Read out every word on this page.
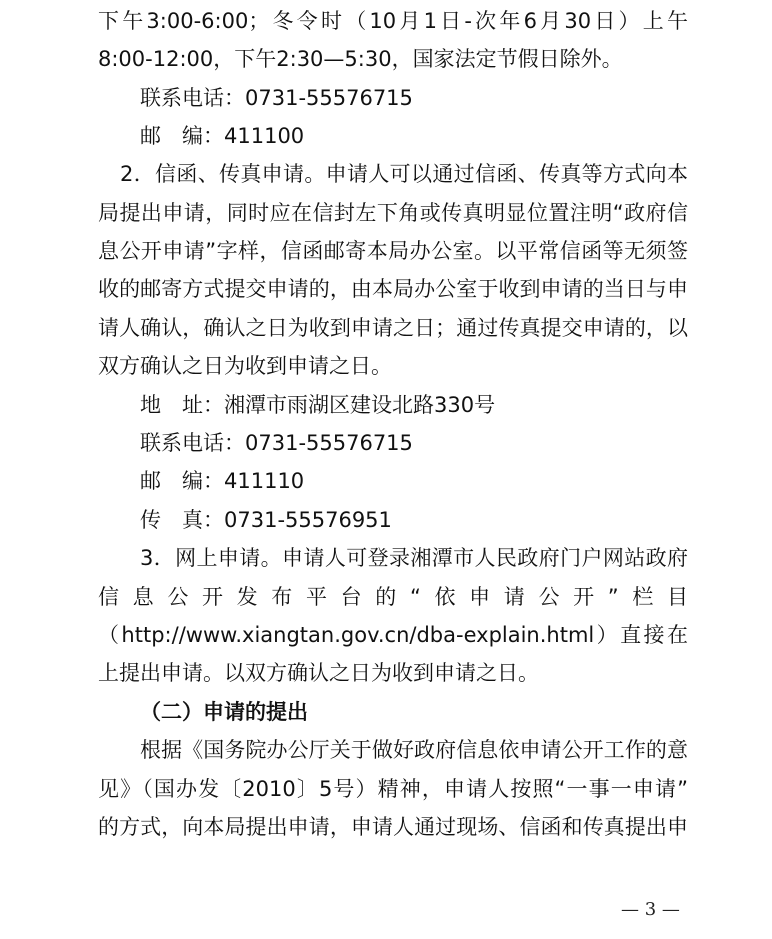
下午3:00-6:00；冬令时（10月1日-次年6月30日）上午
8:00-12:00，下午2:30—5:30，国家法定节假日除外。
联系电话：0731-55576715
邮　编：411100
2．信函、传真申请。申请人可以通过信函、传真等方式向本
局提出申请，同时应在信封左下角或传真明显位置注明“政府信
息公开申请”字样，信函邮寄本局办公室。以平常信函等无须签
收的邮寄方式提交申请的，由本局办公室于收到申请的当日与申
请人确认，确认之日为收到申请之日；通过传真提交申请的，以
双方确认之日为收到申请之日。
地　址：湘潭市雨湖区建设北路330号
联系电话：0731-55576715
邮　编：411110
传　真：0731-55576951
3．网上申请。申请人可登录湘潭市人民政府门户网站政府
信息公开发布平台的“依申请公开”栏目
（http://www.xiangtan.gov.cn/dba-explain.html）直接在
上提出申请。以双方确认之日为收到申请之日。
（二）申请的提出
根据《国务院办公厅关于做好政府信息依申请公开工作的意
见》（国办发〔2010〕5号）精神，申请人按照“一事一申请”
的方式，向本局提出申请，申请人通过现场、信函和传真提出申
— 3 —
